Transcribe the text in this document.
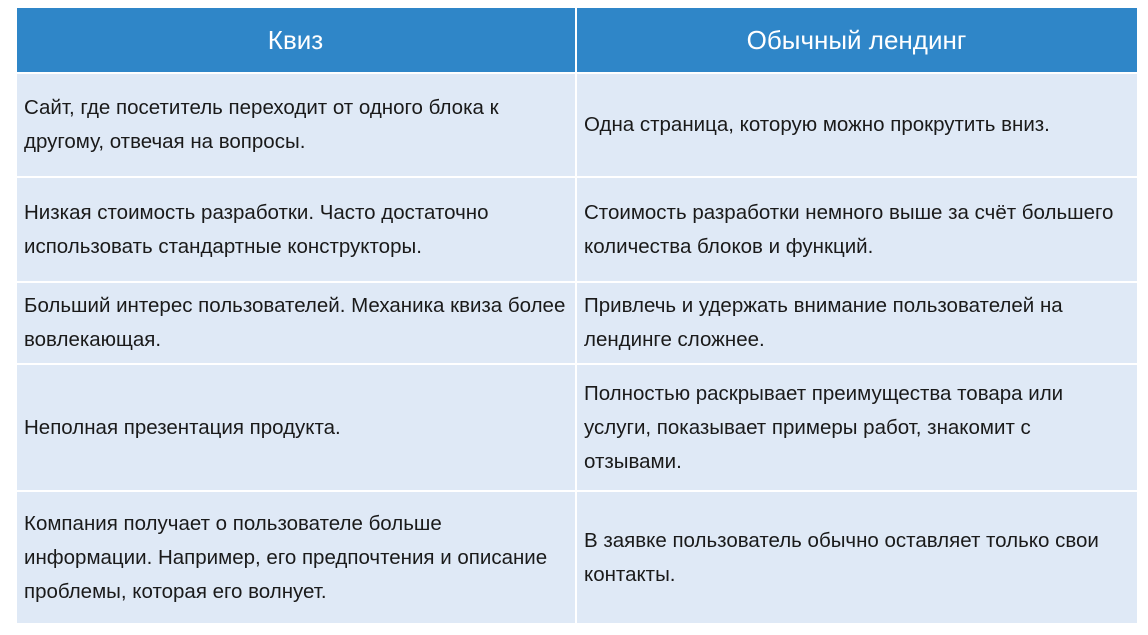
Квиз	Обычный лендинг
Сайт, где посетитель переходит от одного блока к другому, отвечая на вопросы.
Одна страница, которую можно прокрутить вниз.
Низкая стоимость разработки. Часто достаточно использовать стандартные конструкторы.
Стоимость разработки немного выше за счёт большего количества блоков и функций.
Больший интерес пользователей. Механика квиза более вовлекающая.
Привлечь и удержать внимание пользователей на лендинге сложнее.
Неполная презентация продукта.
Полностью раскрывает преимущества товара или услуги, показывает примеры работ, знакомит с отзывами.
Компания получает о пользователе больше информации. Например, его предпочтения и описание проблемы, которая его волнует.
В заявке пользователь обычно оставляет только свои контакты.
